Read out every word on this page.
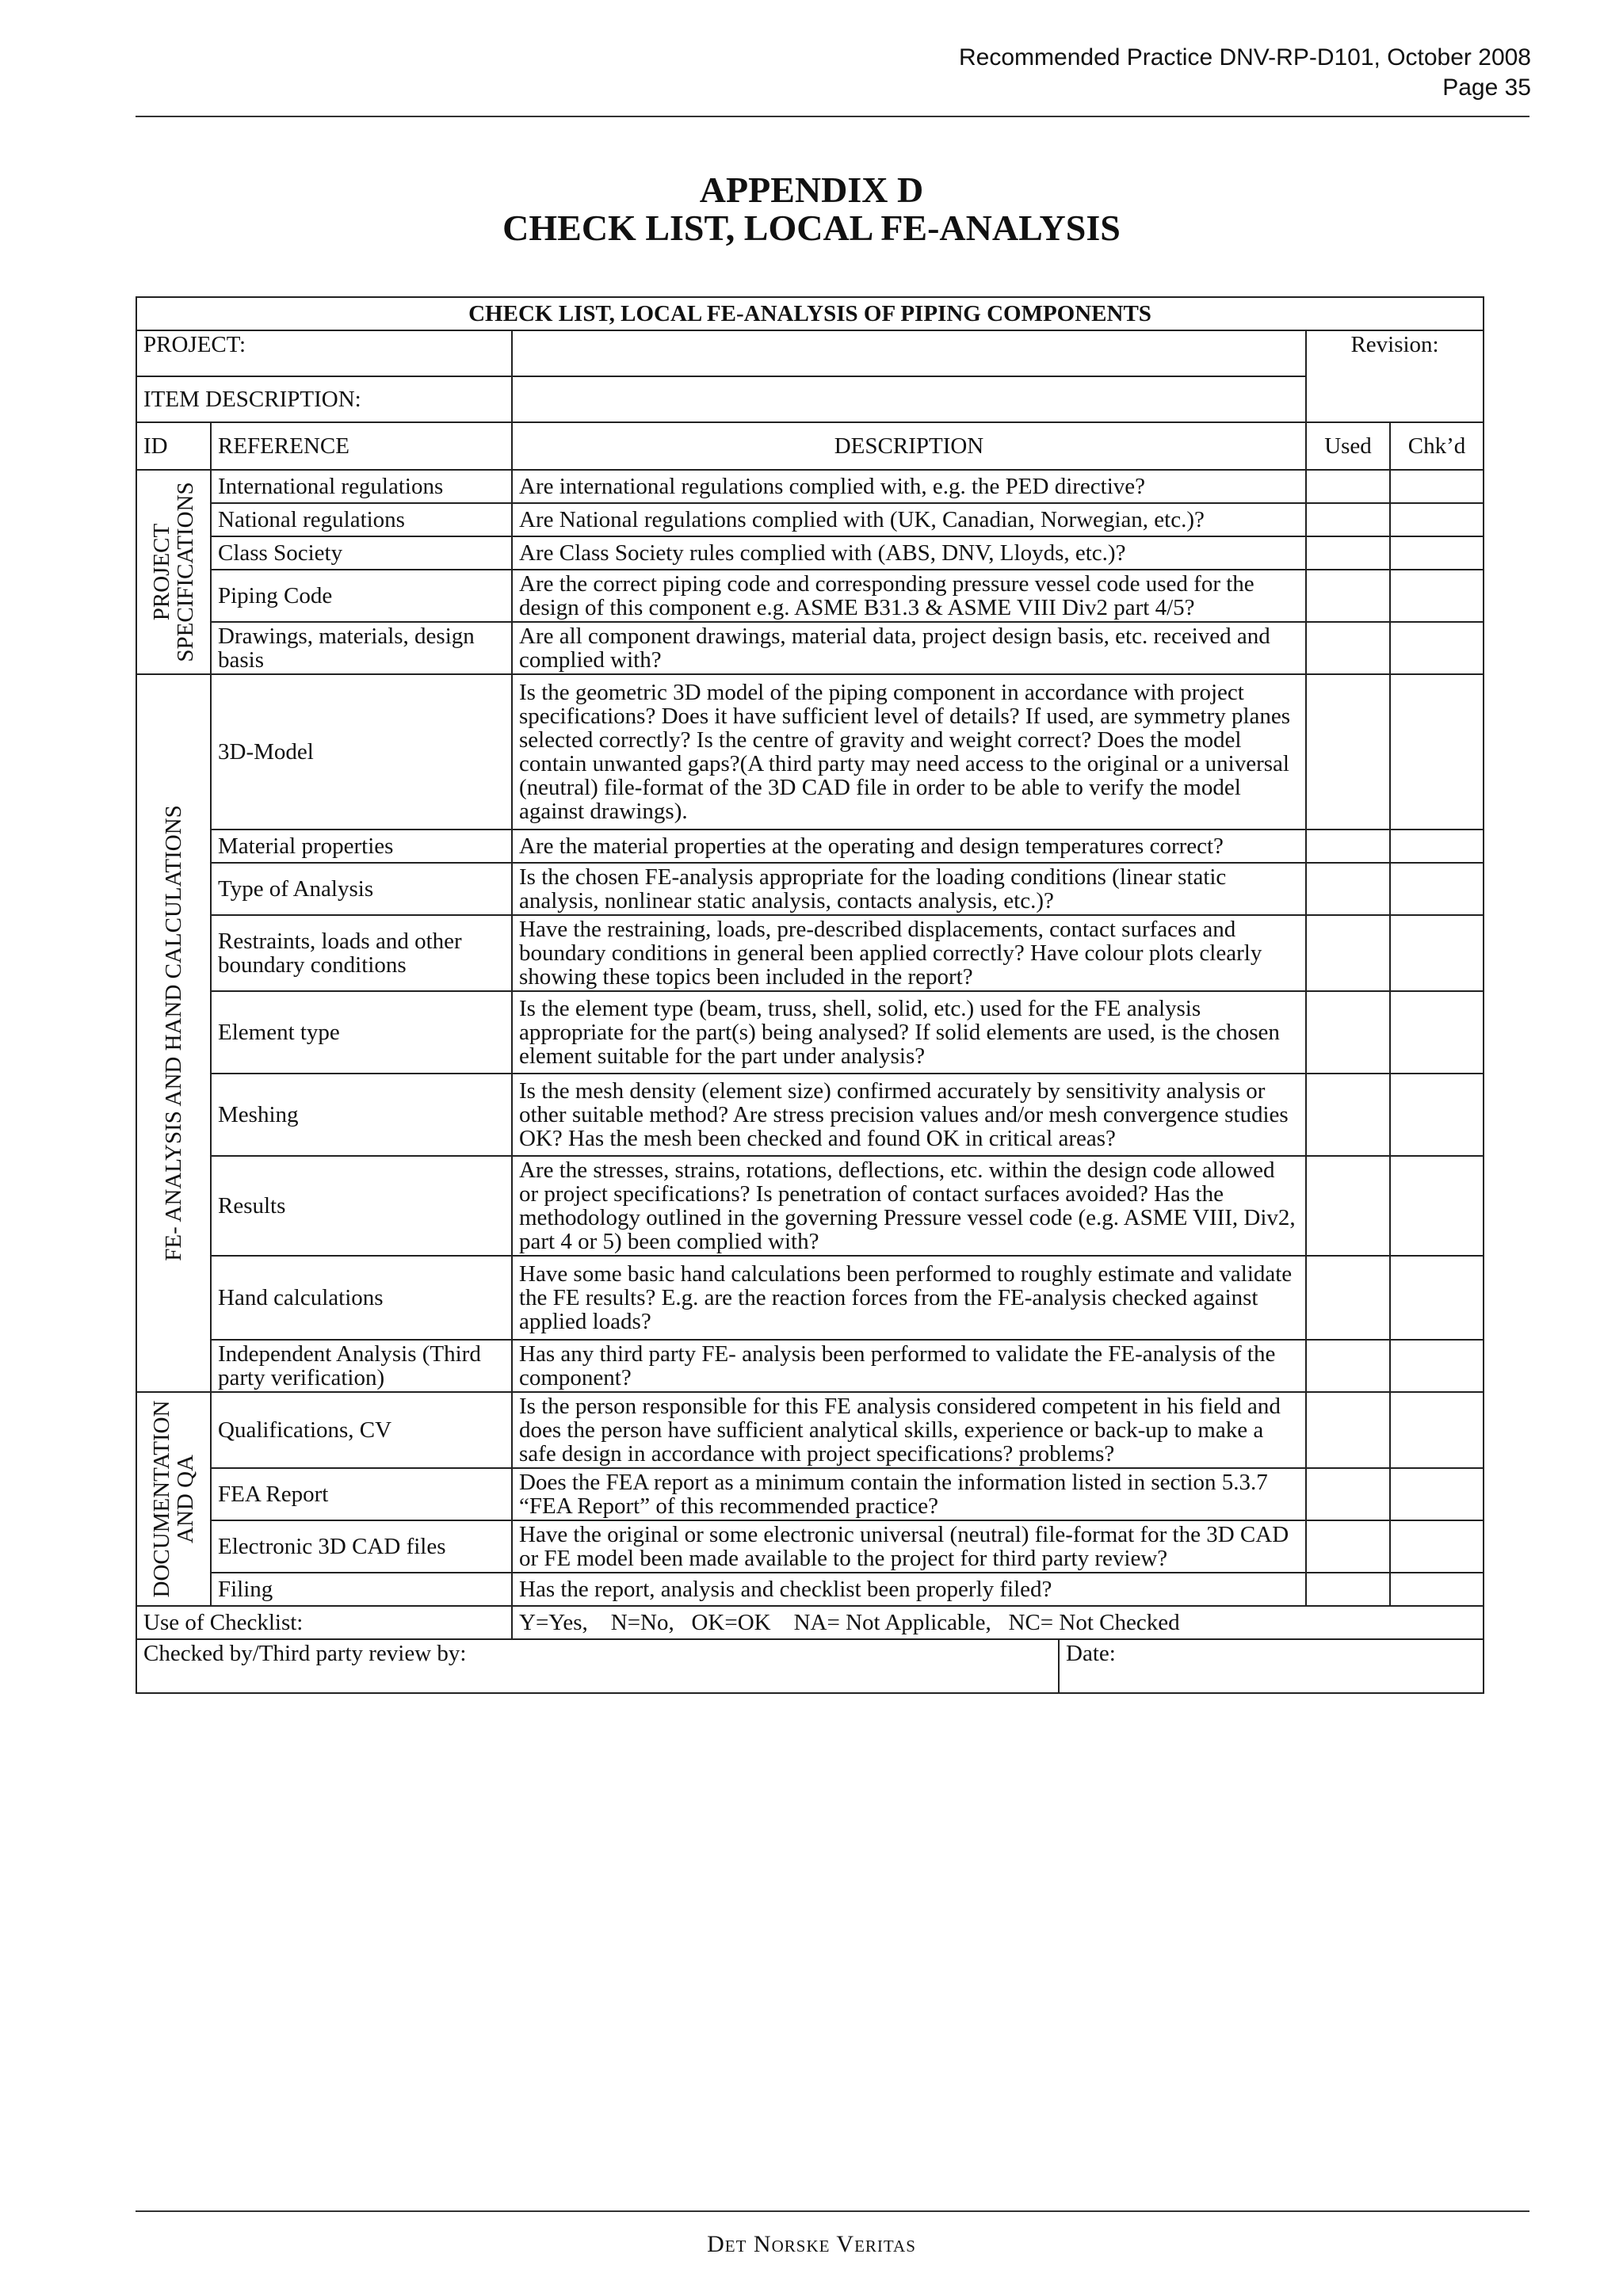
Recommended Practice DNV-RP-D101, October 2008
Page 35
APPENDIX D
CHECK LIST, LOCAL FE-ANALYSIS
CHECK LIST, LOCAL FE-ANALYSIS OF PIPING COMPONENTS				
PROJECT:			Revision:	
ITEM DESCRIPTION:				
ID	REFERENCE	DESCRIPTION	Used	Chk’d

PROJECT
SPECIFICATIONS	International regulations	Are international regulations complied with, e.g. the PED directive?		
	National regulations	Are National regulations complied with (UK, Canadian, Norwegian, etc.)?		
	Class Society	Are Class Society rules complied with (ABS, DNV, Lloyds, etc.)?		
	Piping Code	Are the correct piping code and corresponding pressure vessel code used for the design of this component e.g. ASME B31.3 & ASME VIII Div2 part 4/5?		
	Drawings, materials, design basis	Are all component drawings, material data, project design basis, etc. received and complied with?		

FE- ANALYSIS AND HAND CALCULATIONS	3D-Model	Is the geometric 3D model of the piping component in accordance with project specifications? Does it have sufficient level of details? If used, are symmetry planes selected correctly? Is the centre of gravity and weight correct? Does the model contain unwanted gaps?(A third party may need access to the original or a universal (neutral) file-format of the 3D CAD file in order to be able to verify the model against drawings).		
	Material properties	Are the material properties at the operating and design temperatures correct?		
	Type of Analysis	Is the chosen FE-analysis appropriate for the loading conditions (linear static analysis, nonlinear static analysis, contacts analysis, etc.)?		
	Restraints, loads and other boundary conditions	Have the restraining, loads, pre-described displacements, contact surfaces and boundary conditions in general been applied correctly? Have colour plots clearly showing these topics been included in the report?		
	Element type	Is the element type (beam, truss, shell, solid, etc.) used for the FE analysis appropriate for the part(s) being analysed? If solid elements are used, is the chosen element suitable for the part under analysis?		
	Meshing	Is the mesh density (element size) confirmed accurately by sensitivity analysis or other suitable method? Are stress precision values and/or mesh convergence studies OK? Has the mesh been checked and found OK in critical areas?		
	Results	Are the stresses, strains, rotations, deflections, etc. within the design code allowed or project specifications? Is penetration of contact surfaces avoided? Has the methodology outlined in the governing Pressure vessel code (e.g. ASME VIII, Div2, part 4 or 5) been complied with?		
	Hand calculations	Have some basic hand calculations been performed to roughly estimate and validate the FE results? E.g. are the reaction forces from the FE-analysis checked against applied loads?		
	Independent Analysis (Third party verification)	Has any third party FE- analysis been performed to validate the FE-analysis of the component?		

DOCUMENTATION
AND QA	Qualifications, CV	Is the person responsible for this FE analysis considered competent in his field and does the person have sufficient analytical skills, experience or back-up to make a safe design in accordance with project specifications? problems?		
	FEA Report	Does the FEA report as a minimum contain the information listed in section 5.3.7 “FEA Report” of this recommended practice?		
	Electronic 3D CAD files	Have the original or some electronic universal (neutral) file-format for the 3D CAD or FE model been made available to the project for third party review?		
	Filing	Has the report, analysis and checklist been properly filed?		
Use of Checklist:		Y=Yes,    N=No,   OK=OK    NA= Not Applicable,   NC= Not Checked		
Checked by/Third party review by:	Date:
Det Norske Veritas
